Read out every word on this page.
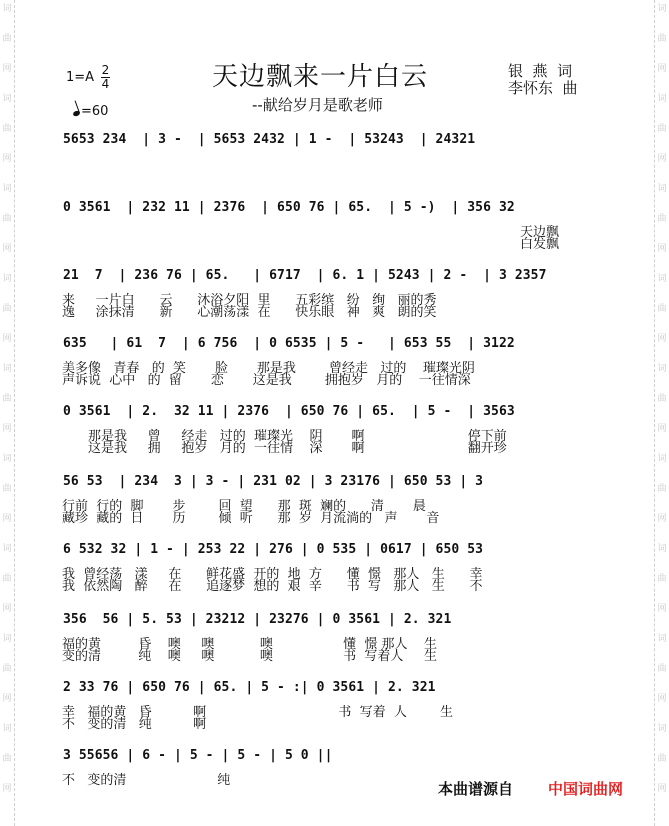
词
曲
网
词
曲
网
词
曲
网
词
曲
网
词
曲
网
词
曲
网
词
曲
网
词
曲
网
词
曲
网
词
曲
网
词
曲
网
词
曲
网
词
曲
网
词
曲
网
词
曲
网
词
曲
网
词
曲
网
词
曲
网
1=A 2
4
=60
天边飘来一片白云
--献给岁月是歌老师
银  燕  词
李怀东  曲
5653 234  | 3 -  | 5653 2432 | 1 -  | 53243  | 24321
0 3561  | 232 11 | 2376  | 650 76 | 65.  | 5 -)  | 356 32
21  7  | 236 76 | 65.   | 6717  | 6. 1 | 5243 | 2 -  | 3 2357
635   | 61  7  | 6 756  | 0 6535 | 5 -   | 653 55  | 3122
0 3561  | 2.  32 11 | 2376  | 650 76 | 65.  | 5 -  | 3563
56 53  | 234  3 | 3 - | 231 02 | 3 23176 | 650 53 | 3
6 532 32 | 1 - | 253 22 | 276 | 0 535 | 0617 | 650 53
356  56 | 5. 53 | 23212 | 23276 | 0 3561 | 2. 321
2 33 76 | 650 76 | 65. | 5 - :| 0 3561 | 2. 321
3 55656 | 6 - | 5 - | 5 - | 5 0 ||
天边飘
白发飘
来     一片白      云      沐浴夕阳  里      五彩缤   纷   绚   丽的秀
逸     涂抹清      新      心潮荡漾  在      快乐眼   神   爽   朗的笑
美多像   青春   的  笑       脸       那是我        曾经走   过的    璀璨光阴
声诉说  心中   的  留       恋       这是我        拥抱岁   月的    一往情深
那是我     曾     经走   过的  璀璨光    阴       啊                         停下前
这是我     拥     抱岁   月的  一往情    深       啊                         翻开珍
行前  行的  脚       步        回  望      那  斑  斓的      清       晨
藏珍  藏的  日       历        倾  听      那  岁  月流淌的   声       音
我  曾经荡   漾     在      鲜花盛  开的  地  方      懂  憬   那人   生      幸
我  依然陶   醉     在      追逐梦  想的  艰  辛      书  写   那人   生      不
福的黄         昏    噢     噢           噢                 懂  憬 那人    生
变的清         纯    噢     噢           噢                 书  写着人     生
幸   福的黄   昏          啊                                书  写着  人        生
不   变的清   纯          啊
不   变的清                      纯	本曲谱源自 中国词曲网
